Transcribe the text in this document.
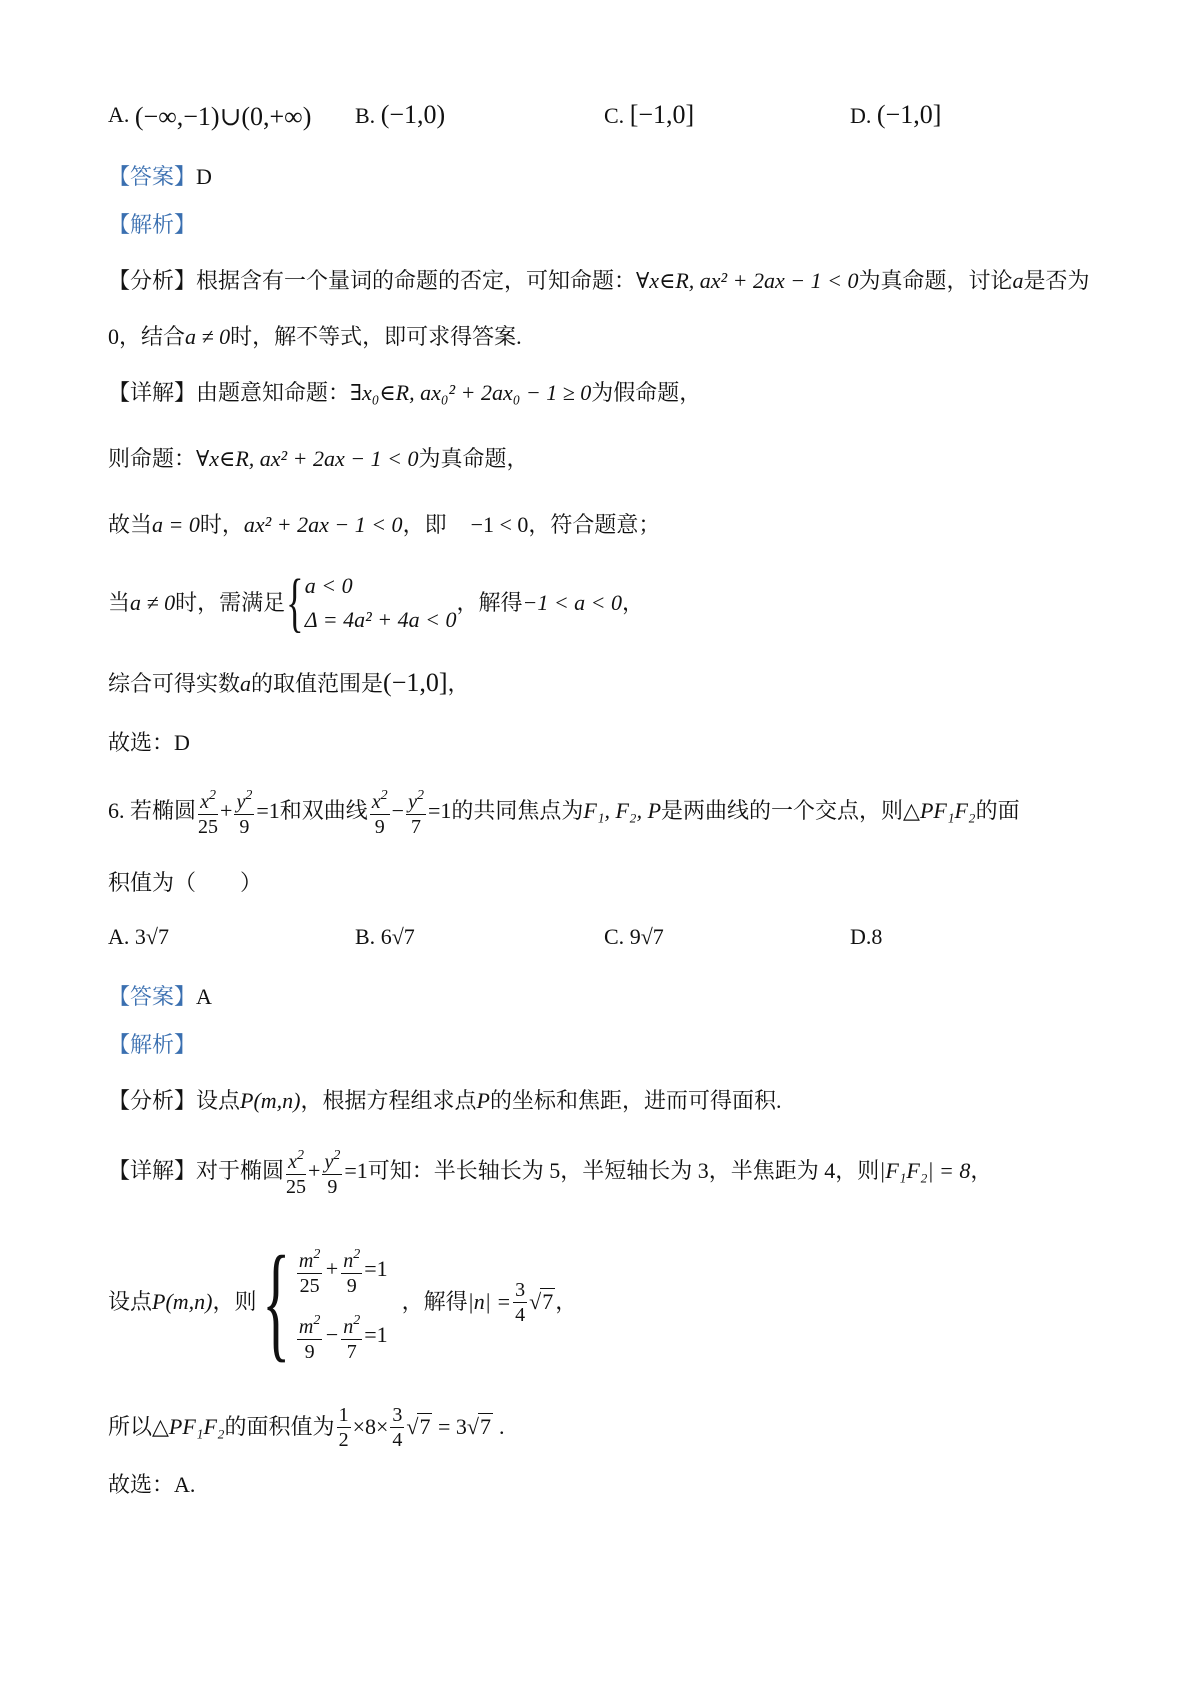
A. (−∞,−1)∪(0,+∞) B. (−1,0)	C. [−1,0]	D. (−1,0]
【答案】D
【解析】
【分析】根据含有一个量词的命题的否定，可知命题：∀x∈R, ax² + 2ax − 1 < 0为真命题，讨论a是否为
0，结合a ≠ 0时，解不等式，即可求得答案.
【详解】由题意知命题：∃x₀∈R, ax₀² + 2ax₀ − 1 ≥ 0为假命题，
则命题：∀x∈R, ax² + 2ax − 1 < 0为真命题，
故当a = 0时，ax² + 2ax − 1 < 0，即 −1 < 0，符合题意；
当 a ≠ 0 时，需满足 { a < 0
Δ = 4a² + 4a < 0
，解得 −1 < a < 0 ，
综合可得实数a的取值范围是(−1,0]，
故选：D
6. 若椭圆 $\frac{x^2}{25} + \frac{y^2}{9} =1$ 和双曲线 $\frac{x^2}{9} - \frac{y^2}{7} =1$ 的共同焦点为 F₁, F₂, P 是两曲线的一个交点，则 △PF₁F₂ 的面
积值为（　　）
A. 3√7	B. 6√7	C. 9√7	D.8
【答案】A
【解析】
【分析】设点P(m,n)，根据方程组求点P的坐标和焦距，进而可得面积.
【详解】 对于椭圆 $\frac{x^2}{25} + \frac{y^2}{9} =1$ 可知：半长轴长为 5，半短轴长为 3，半焦距为 4，则 |F₁F₂| = 8 ，
设点 P(m,n) ，则 { $\frac{m^2}{25} + \frac{n^2}{9} =1$
$\frac{m^2}{9} - \frac{n^2}{7} =1$
，解得 $|n| = \frac{3}{4} √7$ ，
所以 △PF₁F₂ 的面积值为 $\frac{1}{2} \times 8\times \frac{3}{4} √7 = 3√7$ .
故选：A.
